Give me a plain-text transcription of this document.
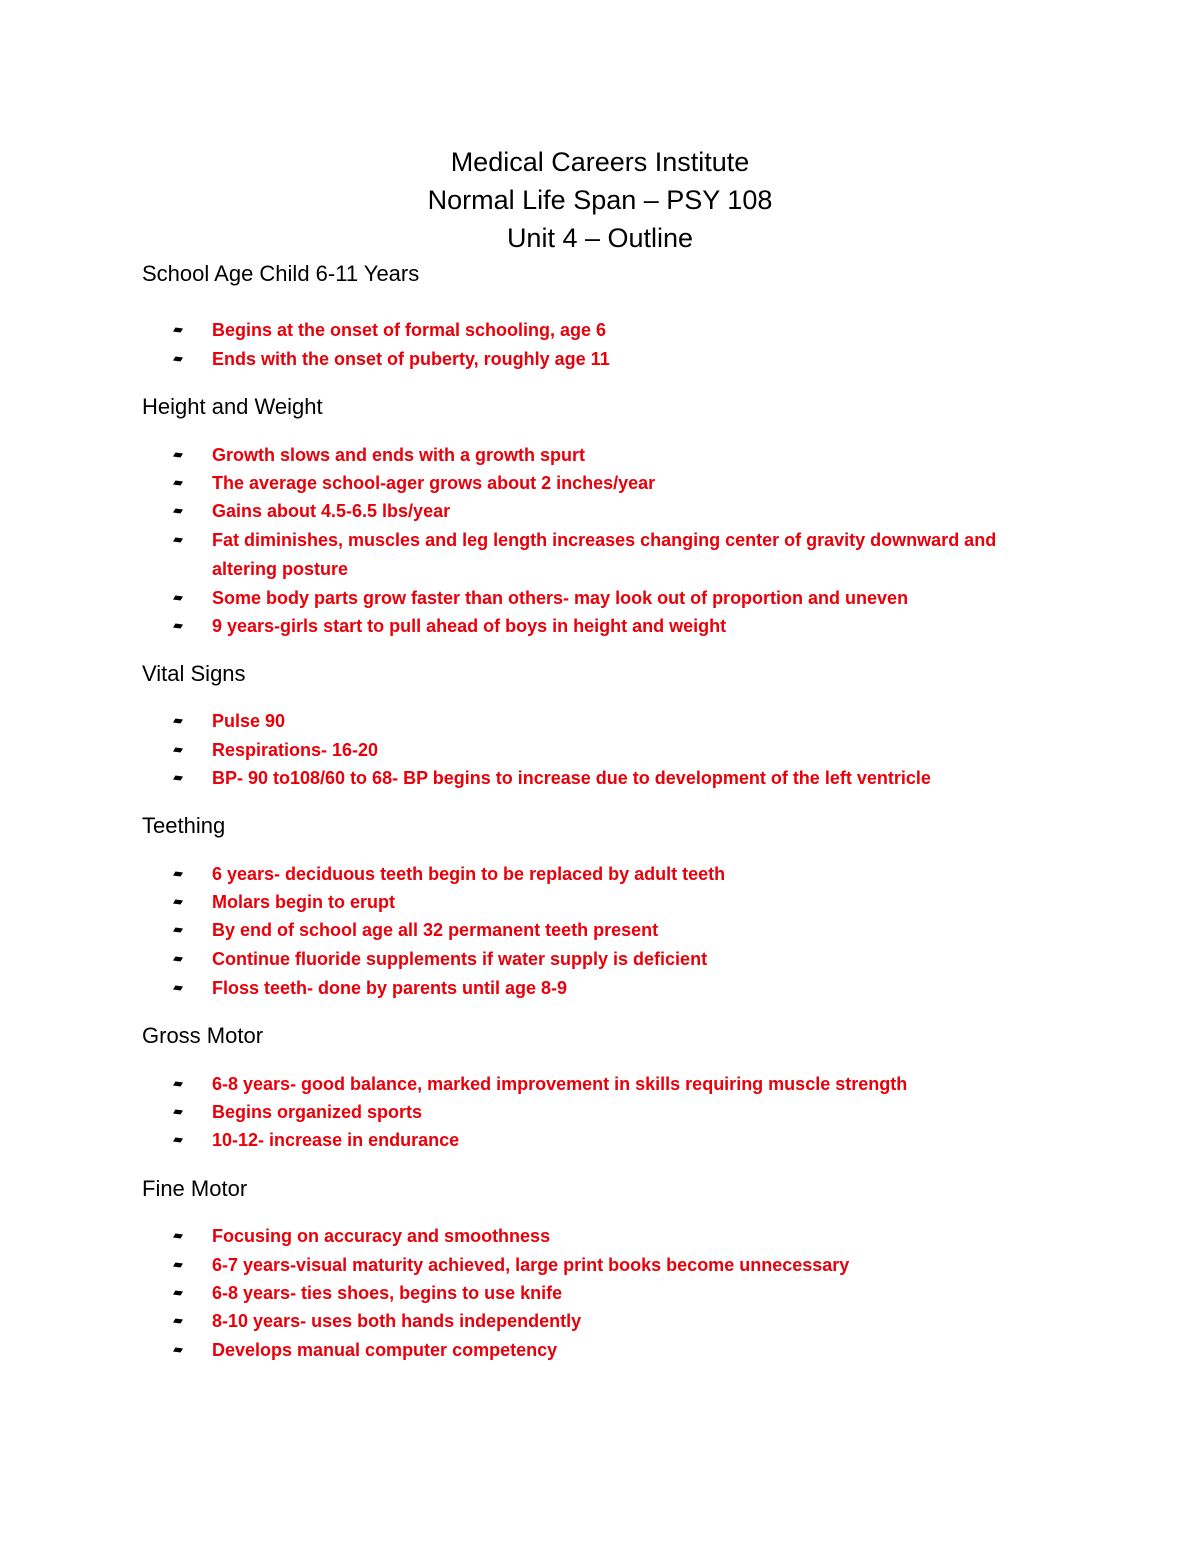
Medical Careers Institute
Normal Life Span – PSY 108
Unit 4 – Outline
School Age Child 6-11 Years
Begins at the onset of formal schooling, age 6
Ends with the onset of puberty, roughly age 11
Height and Weight
Growth slows and ends with a growth spurt
The average school-ager grows about 2 inches/year
Gains about 4.5-6.5 lbs/year
Fat diminishes, muscles and leg length increases changing center of gravity downward and altering posture
Some body parts grow faster than others- may look out of proportion and uneven
9 years-girls start to pull ahead of boys in height and weight
Vital Signs
Pulse 90
Respirations- 16-20
BP- 90 to108/60 to 68- BP begins to increase due to development of the left ventricle
Teething
6 years- deciduous teeth begin to be replaced by adult teeth
Molars begin to erupt
By end of school age all 32 permanent teeth present
Continue fluoride supplements if water supply is deficient
Floss teeth- done by parents until age 8-9
Gross Motor
6-8 years- good balance, marked improvement in skills requiring muscle strength
Begins organized sports
10-12- increase in endurance
Fine Motor
Focusing on accuracy and smoothness
6-7 years-visual maturity achieved, large print books become unnecessary
6-8 years- ties shoes, begins to use knife
8-10 years- uses both hands independently
Develops manual computer competency
